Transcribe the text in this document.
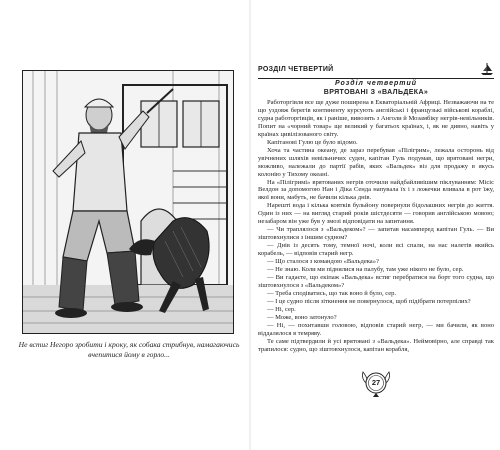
Не встиг Негоро зробити і кроку, як собака стрибнув, намагаючись вчепитися йому в горло...
РОЗДІЛ ЧЕТВЕРТИЙ
Розділ четвертий
ВРЯТОВАНІ З «ВАЛЬДЕКА»

Работоргівля все ще дуже поширена в Екваторіальній Африці. Незважаючи на те що уздовж берегів континенту курсують англійські і французькі військові кораблі, судна работоргівців, як і раніше, вивозять з Анголи й Мозамбіку негрів-невільників. Попит на «чорний товар» ще великий у багатьох країнах, і, як не дивно, навіть у країнах цивілізованого світу.

Капітанові Гулю це було відомо.

Хоча та частина океану, де зараз перебував «Пілігрим», лежала осторонь від увічнених шляхів невільничих суден, капітан Гуль подумав, що врятовані негри, можливо, належали до партії рабів, яких «Вальдек» віз для продажу в якусь колонію у Тихому океані.

На «Пілігримі» врятованих негрів оточили найдбайливішим піклуванням: Місіс Велдон за допомогою Нан і Діка Сенда напувала їх і з ложечки вливала в рот їжу, якої вони, мабуть, не бачили кілька днів.

Нарешті вода і кілька ковтків бульйону повернули бідолашних негрів до життя. Один із них — на вигляд старий років шістдесяти — говорив англійською мовою; незабаром він уже був у змозі відповідати на запитання.

— Чи траплялося з «Вальдеком»? — запитав насамперед капітан Гуль. — Ви зіштовхнулися з іншим судном?

— Днів із десять тому, темної ночі, коли всі спали, на нас налетів якийсь корабель, — відповів старий негр.

— Що сталося з командою «Вальдека»?

— Не знаю. Коли ми піднялися на палубу, там уже нікого не було, сер.

— Ви гадаєте, що екіпаж «Вальдека» встиг перебратися на борт того судна, що зіштовхнулося з «Вальдеком»?

— Треба сподіватись, що так воно й було, сер.

— І це судно після зіткнення не повернулося, щоб підібрати потерпілих?

— Ні, сер.

— Може, воно затонуло?

— Ні, — похитавши головою, відповів старий негр, — ми бачили, як воно віддалялося в темряву.

Те саме підтвердили й усі врятовані з «Вальдека». Неймовірно, але справді так трапилося: судно, що зіштовхнулося, капітан корабля,

27
